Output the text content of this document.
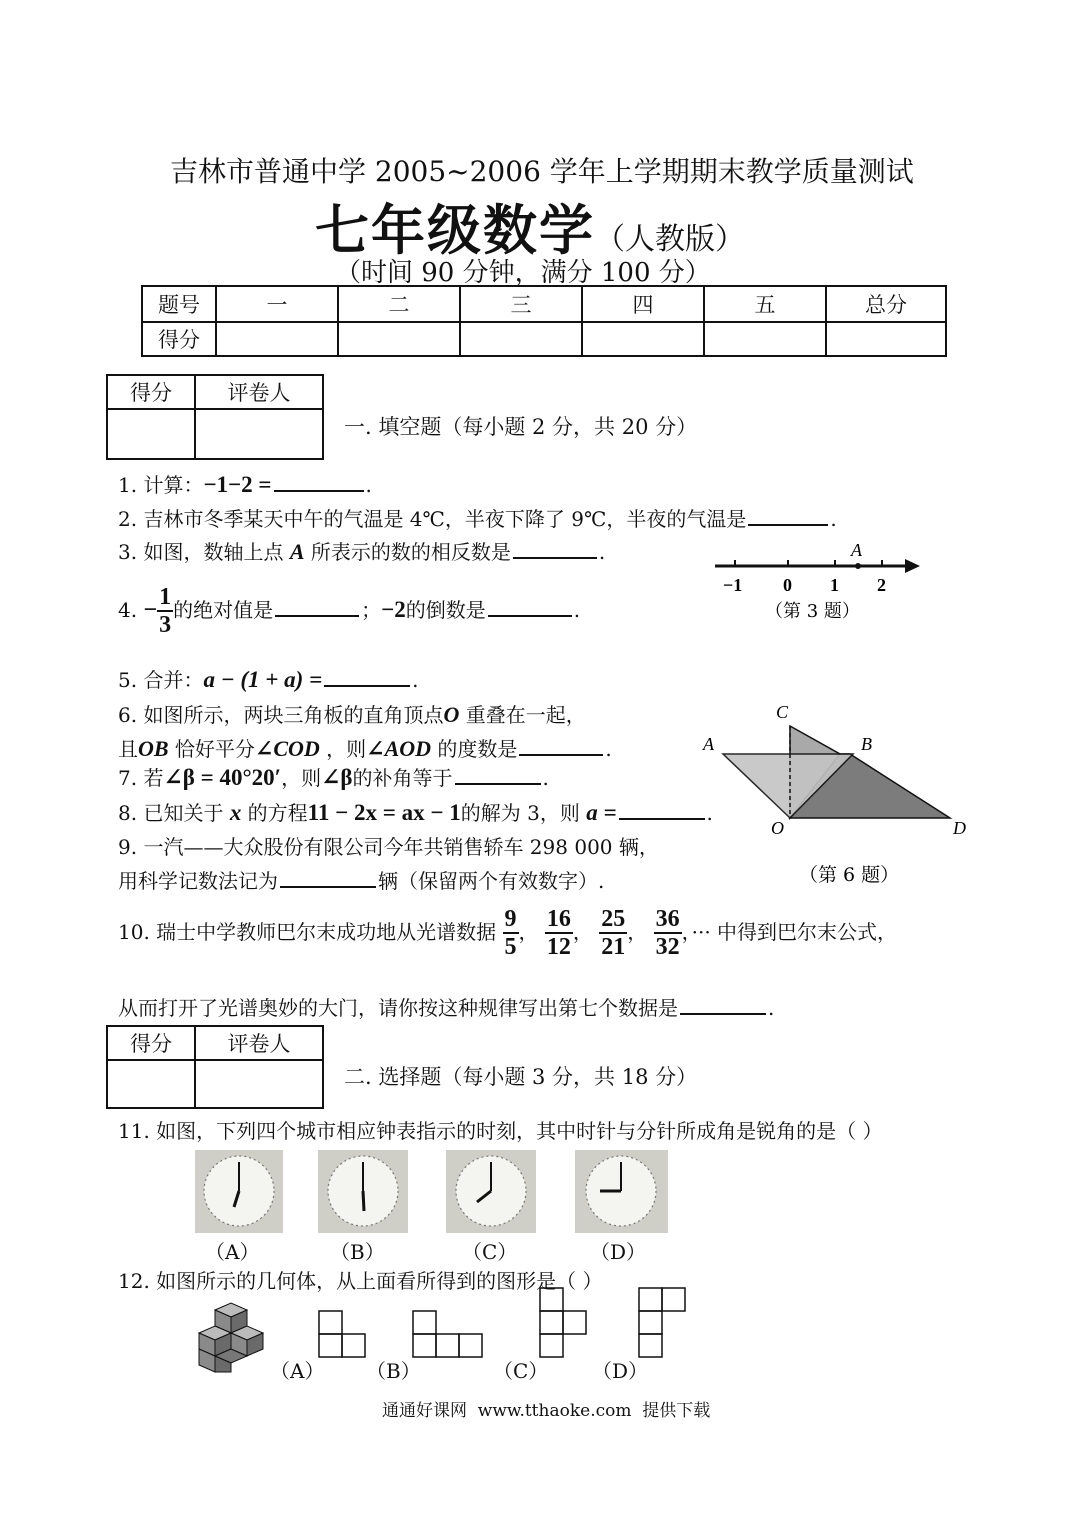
吉林市普通中学 2005~2006 学年上学期期末教学质量测试
七年级数学（人教版）
（时间 90 分钟，满分 100 分）
题号	一	二	三	四	五	总分
得分						
得分	评卷人

一. 填空题（每小题 2 分，共 20 分）
1. 计算：−1−2 =	.
2. 吉林市冬季某天中午的气温是 4℃，半夜下降了 9℃，半夜的气温是	.
3. 如图，数轴上点 A 所表示的数的相反数是	.	A
−1 0 1 2
（第 3 题）
4. − $\frac{1}{3}$ 的绝对值是	；−2的倒数是	.
5. 合并：a − (1 + a) =	.
6. 如图所示，两块三角板的直角顶点O 重叠在一起，
且OB 恰好平分∠COD ，则∠AOD 的度数是	.
C
A	B
O	D
（第 6 题）
7. 若∠β = 40°20′，则∠β的补角等于	.
8. 已知关于 x 的方程11 − 2x = ax − 1的解为 3，则 a =	.
9. 一汽——大众股份有限公司今年共销售轿车 298 000 辆，
用科学记数法记为	辆（保留两个有效数字）.
10. 瑞士中学教师巴尔末成功地从光谱数据 $\frac{9}{5}$ ， $\frac{16}{12}$ ， $\frac{25}{21}$ ， $\frac{36}{32}$ ，··· 中得到巴尔末公式，
从而打开了光谱奥妙的大门，请你按这种规律写出第七个数据是	.
得分	评卷人

二. 选择题（每小题 3 分，共 18 分）
11. 如图，下列四个城市相应钟表指示的时刻，其中时针与分针所成角是锐角的是（ ）
（A）	（B）	（C）	（D）
12. 如图所示的几何体，从上面看所得到的图形是（ ）
（A） （B）	（C） （D）
通通好课网  www.tthaoke.com  提供下载
